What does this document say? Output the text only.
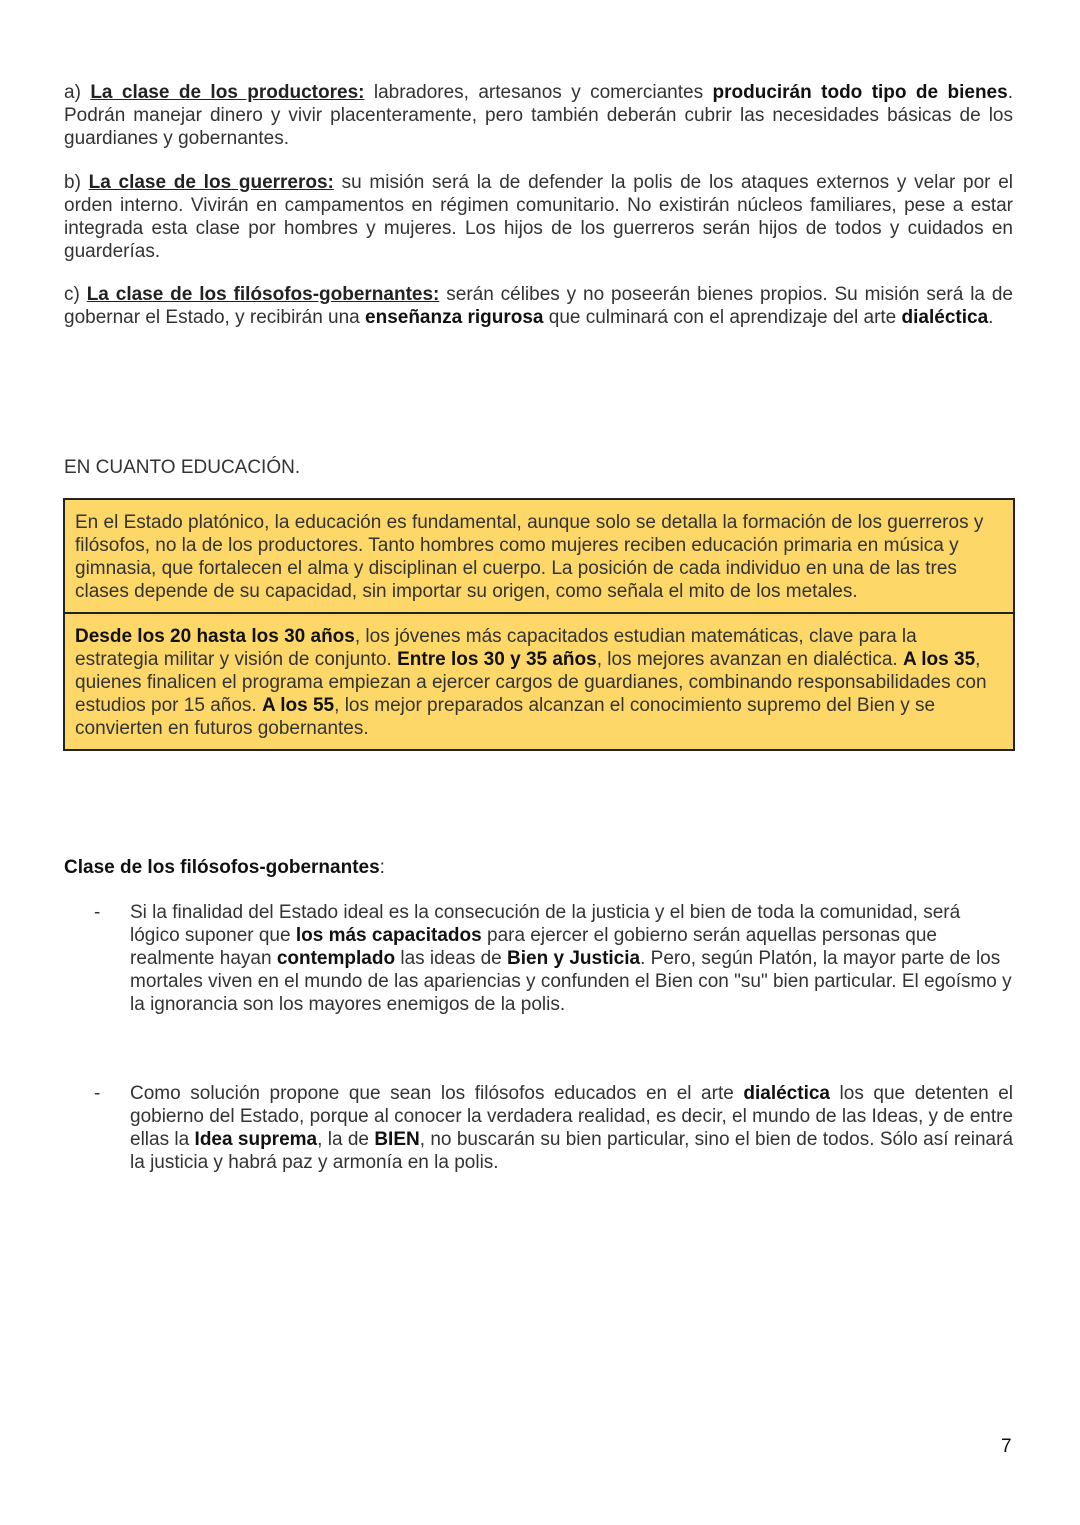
a) La clase de los productores: labradores, artesanos y comerciantes producirán todo tipo de bienes. Podrán manejar dinero y vivir placenteramente, pero también deberán cubrir las necesidades básicas de los guardianes y gobernantes.

b) La clase de los guerreros: su misión será la de defender la polis de los ataques externos y velar por el orden interno. Vivirán en campamentos en régimen comunitario. No existirán núcleos familiares, pese a estar integrada esta clase por hombres y mujeres. Los hijos de los guerreros serán hijos de todos y cuidados en guarderías.

c) La clase de los filósofos-gobernantes: serán célibes y no poseerán bienes propios. Su misión será la de gobernar el Estado, y recibirán una enseñanza rigurosa que culminará con el aprendizaje del arte dialéctica.

EN CUANTO EDUCACIÓN.

En el Estado platónico, la educación es fundamental, aunque solo se detalla la formación de los guerreros y filósofos, no la de los productores. Tanto hombres como mujeres reciben educación primaria en música y gimnasia, que fortalecen el alma y disciplinan el cuerpo. La posición de cada individuo en una de las tres clases depende de su capacidad, sin importar su origen, como señala el mito de los metales.
Desde los 20 hasta los 30 años, los jóvenes más capacitados estudian matemáticas, clave para la estrategia militar y visión de conjunto. Entre los 30 y 35 años, los mejores avanzan en dialéctica. A los 35, quienes finalicen el programa empiezan a ejercer cargos de guardianes, combinando responsabilidades con estudios por 15 años. A los 55, los mejor preparados alcanzan el conocimiento supremo del Bien y se convierten en futuros gobernantes.

Clase de los filósofos-gobernantes:

- Si la finalidad del Estado ideal es la consecución de la justicia y el bien de toda la comunidad, será lógico suponer que los más capacitados para ejercer el gobierno serán aquellas personas que realmente hayan contemplado las ideas de Bien y Justicia. Pero, según Platón, la mayor parte de los mortales viven en el mundo de las apariencias y confunden el Bien con "su" bien particular. El egoísmo y la ignorancia son los mayores enemigos de la polis.
- Como solución propone que sean los filósofos educados en el arte dialéctica los que detenten el gobierno del Estado, porque al conocer la verdadera realidad, es decir, el mundo de las Ideas, y de entre ellas la Idea suprema, la de BIEN, no buscarán su bien particular, sino el bien de todos. Sólo así reinará la justicia y habrá paz y armonía en la polis.
7
